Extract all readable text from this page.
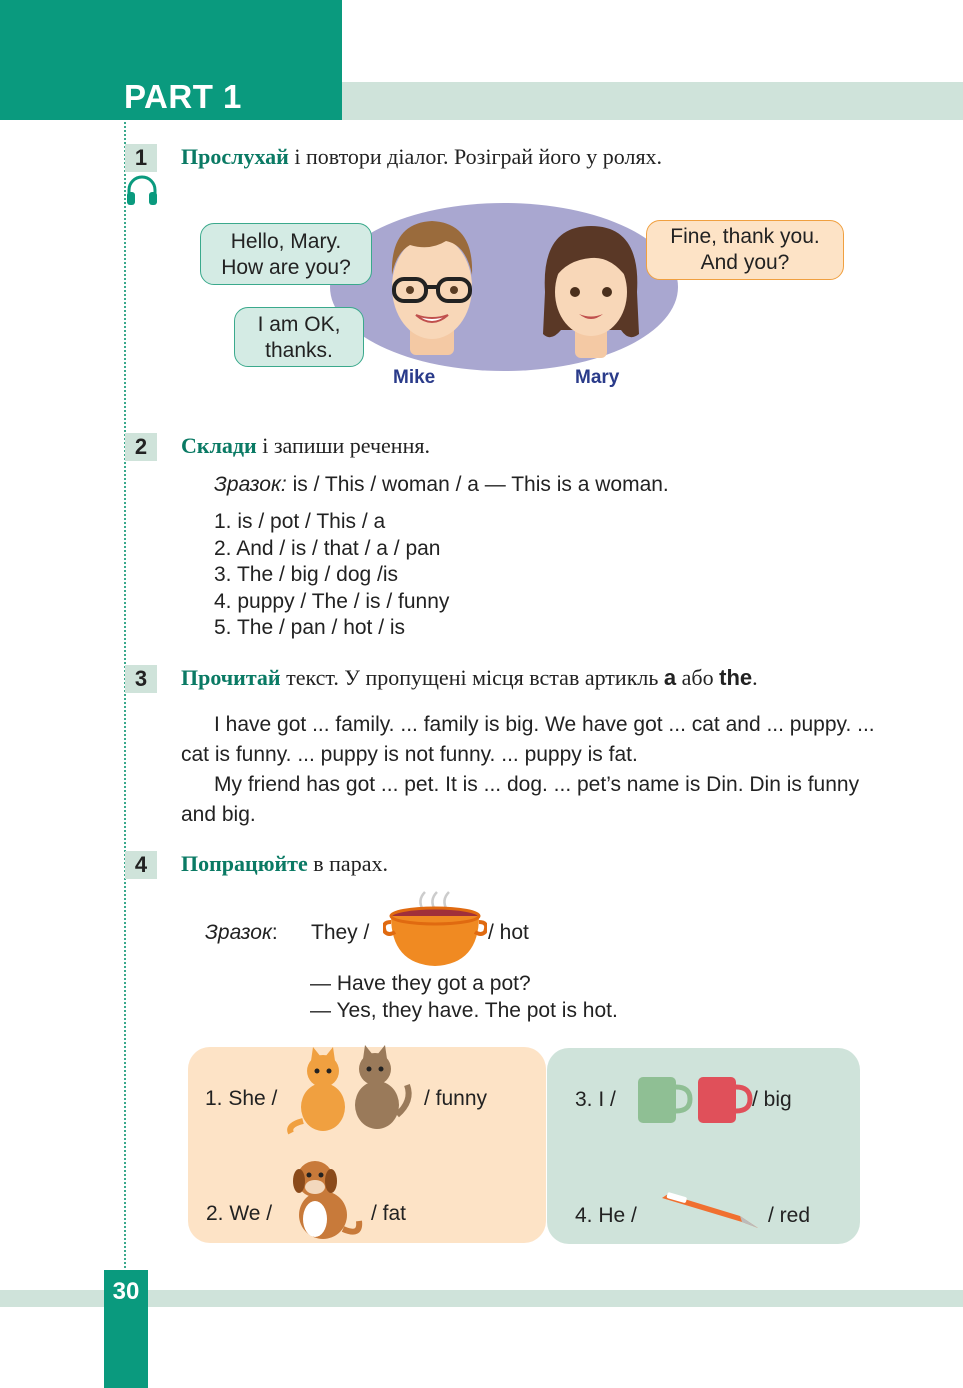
PART 1
1	Прослухай і повтори діалог. Розіграй його у ролях.
Hello, Mary.
How are you?
I am OK,
thanks.
Fine, thank you.
And you?
Mike	Mary
2	Склади і запиши речення.
Зразок: is / This / woman / a — This is a woman.
1. is / pot / This / a
2. And / is / that / a / pan
3. The / big / dog /is
4. puppy / The / is / funny
5. The / pan / hot / is
3	Прочитай текст. У пропущені місця встав артикль a або the.
I have got ... family. ... family is big. We have got ... cat and ... puppy. ... cat is funny. ... puppy is not funny. ... puppy is fat.
My friend has got ... pet. It is ... dog. ... pet’s name is Din. Din is funny and big.
4	Попрацюйте в парах.
Зразок: They /	/ hot
— Have they got a pot?
— Yes, they have. The pot is hot.
1. She /	/ funny
2. We /	/ fat
3. I /	/ big
4. He /	/ red
30
